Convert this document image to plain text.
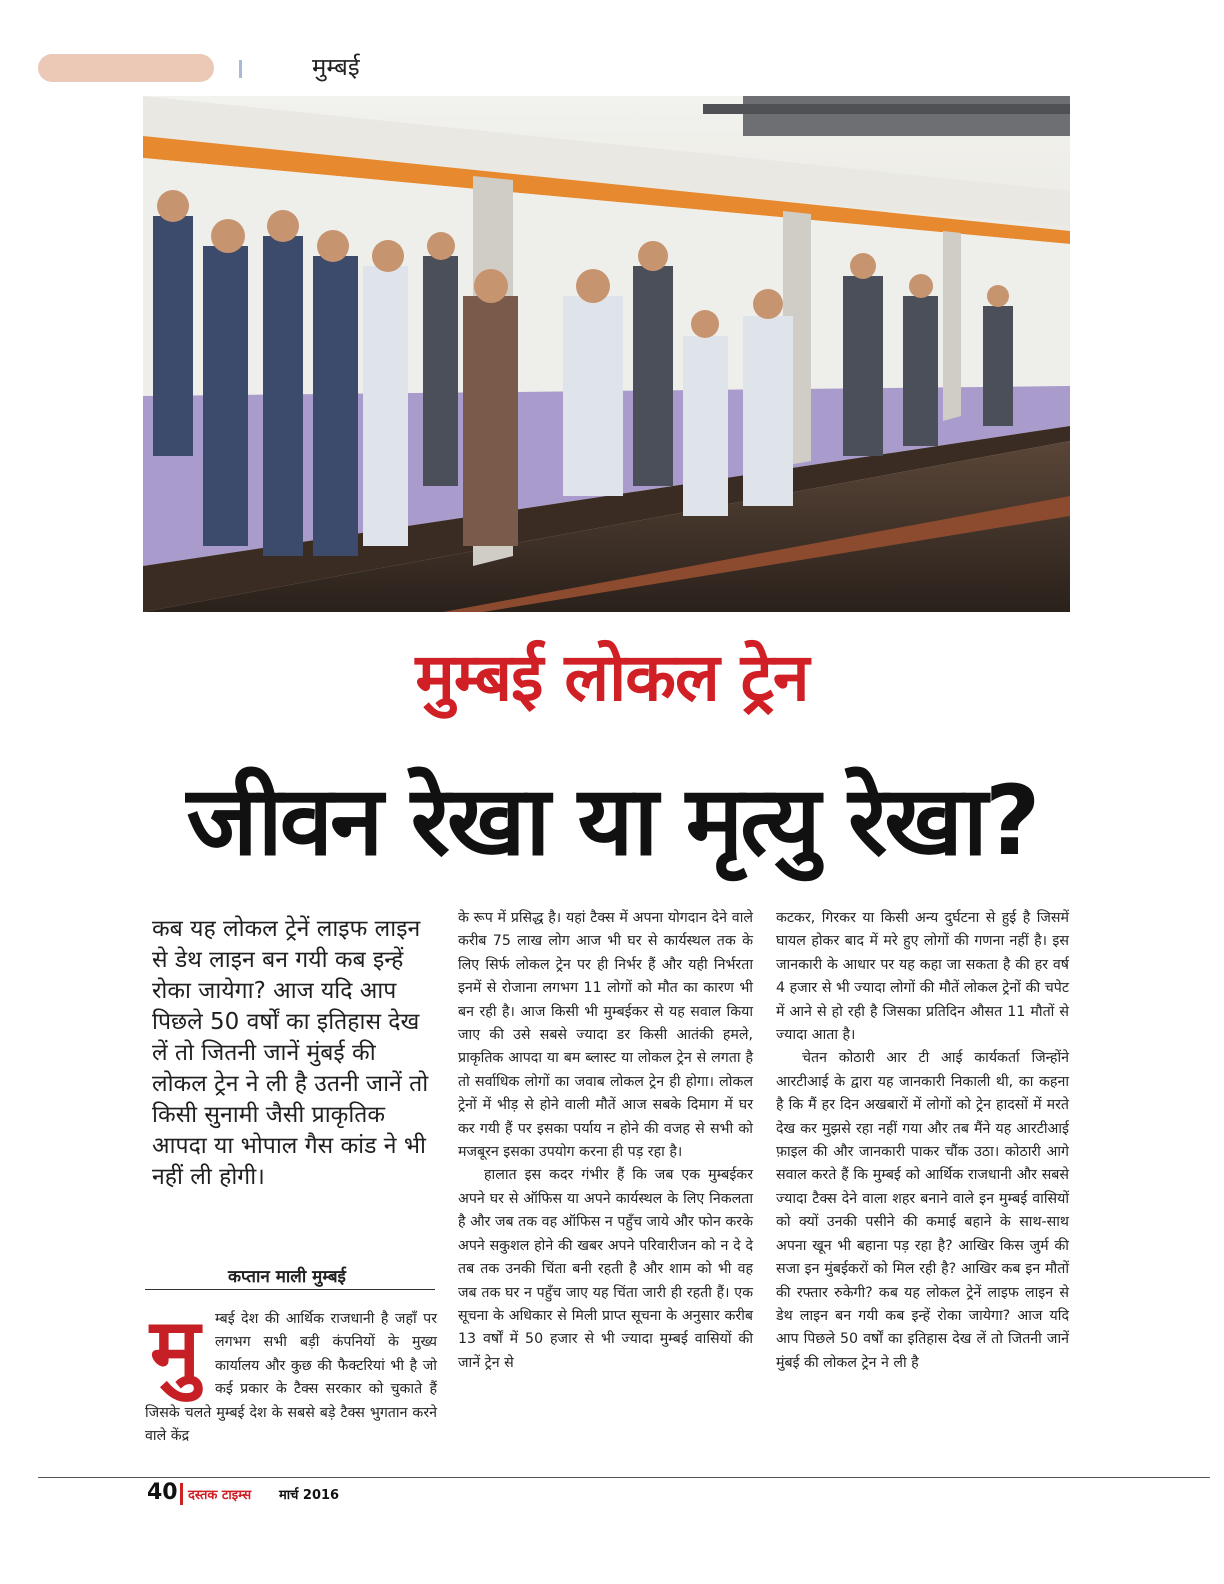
मुम्बई
मुम्बई लोकल ट्रेन
जीवन रेखा या मृत्यु रेखा?
कब यह लोकल ट्रेनें लाइफ लाइन से डेथ लाइन बन गयी कब इन्हें रोका जायेगा? आज यदि आप पिछले 50 वर्षों का इतिहास देख लें तो जितनी जानें मुंबई की लोकल ट्रेन ने ली है उतनी जानें तो किसी सुनामी जैसी प्राकृतिक आपदा या भोपाल गैस कांड ने भी नहीं ली होगी।
कप्तान माली मुम्बई
मु	म्बई देश की आर्थिक राजधानी है जहाँ पर लगभग सभी बड़ी कंपनियों के मुख्य कार्यालय और कुछ की फैक्टरियां भी है जो कई प्रकार के टैक्स सरकार को चुकाते हैं जिसके चलते मुम्बई देश के सबसे बड़े टैक्स भुगतान करने वाले केंद्र

के रूप में प्रसिद्ध है। यहां टैक्स में अपना योगदान देने वाले करीब 75 लाख लोग आज भी घर से कार्यस्थल तक के लिए सिर्फ लोकल ट्रेन पर ही निर्भर हैं और यही निर्भरता इनमें से रोजाना लगभग 11 लोगों को मौत का कारण भी बन रही है। आज किसी भी मुम्बईकर से यह सवाल किया जाए की उसे सबसे ज्यादा डर किसी आतंकी हमले, प्राकृतिक आपदा या बम ब्लास्ट या लोकल ट्रेन से लगता है तो सर्वाधिक लोगों का जवाब लोकल ट्रेन ही होगा। लोकल ट्रेनों में भीड़ से होने वाली मौतें आज सबके दिमाग में घर कर गयी हैं पर इसका पर्याय न होने की वजह से सभी को मजबूरन इसका उपयोग करना ही पड़ रहा है।

हालात इस कदर गंभीर हैं कि जब एक मुम्बईकर अपने घर से ऑफिस या अपने कार्यस्थल के लिए निकलता है और जब तक वह ऑफिस न पहुँच जाये और फोन करके अपने सकुशल होने की खबर अपने परिवारीजन को न दे दे तब तक उनकी चिंता बनी रहती है और शाम को भी वह जब तक घर न पहुँच जाए यह चिंता जारी ही रहती हैं। एक सूचना के अधिकार से मिली प्राप्त सूचना के अनुसार करीब 13 वर्षों में 50 हजार से भी ज्यादा मुम्बई वासियों की जानें ट्रेन से

कटकर, गिरकर या किसी अन्य दुर्घटना से हुई है जिसमें घायल होकर बाद में मरे हुए लोगों की गणना नहीं है। इस जानकारी के आधार पर यह कहा जा सकता है की हर वर्ष 4 हजार से भी ज्यादा लोगों की मौतें लोकल ट्रेनों की चपेट में आने से हो रही है जिसका प्रतिदिन औसत 11 मौतों से ज्यादा आता है।

चेतन कोठारी आर टी आई कार्यकर्ता जिन्होंने आरटीआई के द्वारा यह जानकारी निकाली थी, का कहना है कि मैं हर दिन अखबारों में लोगों को ट्रेन हादसों में मरते देख कर मुझसे रहा नहीं गया और तब मैंने यह आरटीआई फ़ाइल की और जानकारी पाकर चौंक उठा। कोठारी आगे सवाल करते हैं कि मुम्बई को आर्थिक राजधानी और सबसे ज्यादा टैक्स देने वाला शहर बनाने वाले इन मुम्बई वासियों को क्यों उनकी पसीने की कमाई बहाने के साथ-साथ अपना खून भी बहाना पड़ रहा है? आखिर किस जुर्म की सजा इन मुंबईकरों को मिल रही है? आखिर कब इन मौतों की रफ्तार रुकेगी? कब यह लोकल ट्रेनें लाइफ लाइन से डेथ लाइन बन गयी कब इन्हें रोका जायेगा? आज यदि आप पिछले 50 वर्षों का इतिहास देख लें तो जितनी जानें मुंबई की लोकल ट्रेन ने ली है

40 दस्तक टाइम्स मार्च 2016
